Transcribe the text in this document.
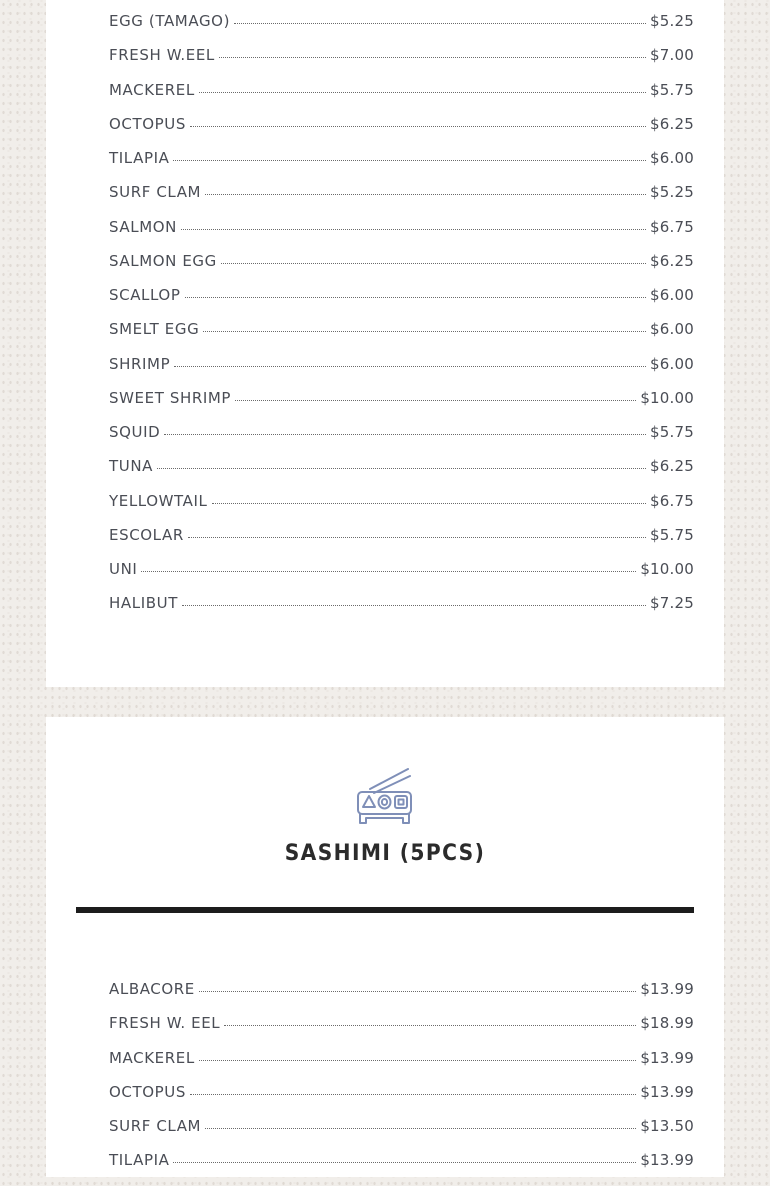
EGG (TAMAGO)	$5.25
FRESH W.EEL	$7.00
MACKEREL	$5.75
OCTOPUS	$6.25
TILAPIA	$6.00
SURF CLAM	$5.25
SALMON	$6.75
SALMON EGG	$6.25
SCALLOP	$6.00
SMELT EGG	$6.00
SHRIMP	$6.00
SWEET SHRIMP	$10.00
SQUID	$5.75
TUNA	$6.25
YELLOWTAIL	$6.75
ESCOLAR	$5.75
UNI	$10.00
HALIBUT	$7.25
SASHIMI (5PCS)
ALBACORE	$13.99
FRESH W. EEL	$18.99
MACKEREL	$13.99
OCTOPUS	$13.99
SURF CLAM	$13.50
TILAPIA	$13.99
